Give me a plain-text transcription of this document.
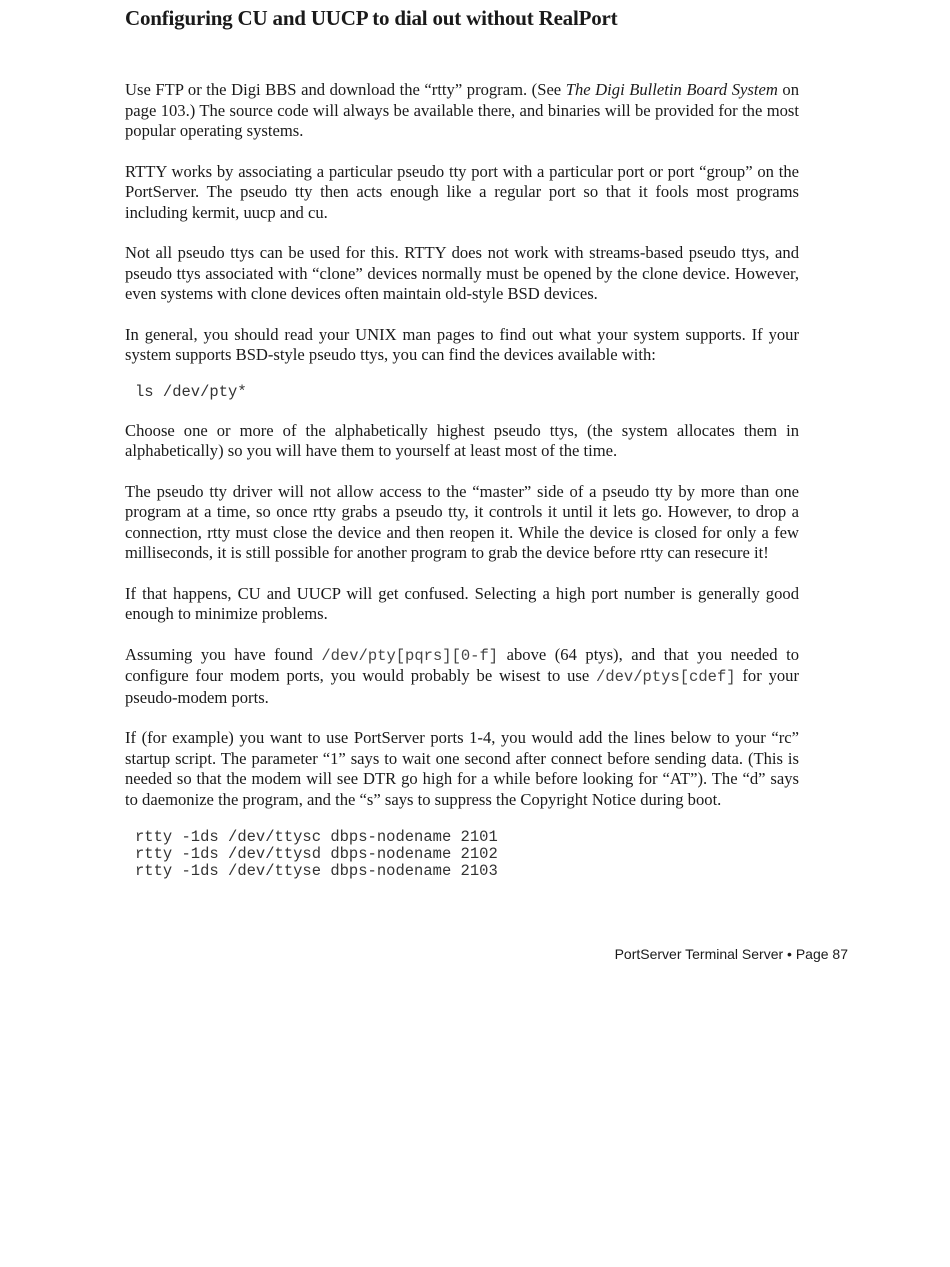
Configuring CU and UUCP to dial out without RealPort

Use FTP or the Digi BBS and download the “rtty” program. (See The Digi Bulletin Board System on page 103.) The source code will always be available there, and binaries will be provided for the most popular operating systems.

RTTY works by associating a particular pseudo tty port with a particular port or port “group” on the PortServer. The pseudo tty then acts enough like a regular port so that it fools most programs including kermit, uucp and cu.

Not all pseudo ttys can be used for this. RTTY does not work with streams-based pseudo ttys, and pseudo ttys associated with “clone” devices normally must be opened by the clone device. However, even systems with clone devices often maintain old-style BSD devices.

In general, you should read your UNIX man pages to find out what your system supports. If your system supports BSD-style pseudo ttys, you can find the devices available with:

ls /dev/pty*

Choose one or more of the alphabetically highest pseudo ttys, (the system allocates them in alphabetically) so you will have them to yourself at least most of the time.

The pseudo tty driver will not allow access to the “master” side of a pseudo tty by more than one program at a time, so once rtty grabs a pseudo tty, it controls it until it lets go. However, to drop a connection, rtty must close the device and then reopen it. While the device is closed for only a few milliseconds, it is still possible for another program to grab the device before rtty can resecure it!

If that happens, CU and UUCP will get confused. Selecting a high port number is generally good enough to minimize problems.

Assuming you have found /dev/pty[pqrs][0-f] above (64 ptys), and that you needed to configure four modem ports, you would probably be wisest to use /dev/ptys[cdef] for your pseudo-modem ports.

If (for example) you want to use PortServer ports 1-4, you would add the lines below to your “rc” startup script. The parameter “1” says to wait one second after connect before sending data. (This is needed so that the modem will see DTR go high for a while before looking for “AT”). The “d” says to daemonize the program, and the “s” says to suppress the Copyright Notice during boot.

rtty -1ds /dev/ttysc dbps-nodename 2101
rtty -1ds /dev/ttysd dbps-nodename 2102
rtty -1ds /dev/ttyse dbps-nodename 2103
PortServer Terminal Server • Page 87
